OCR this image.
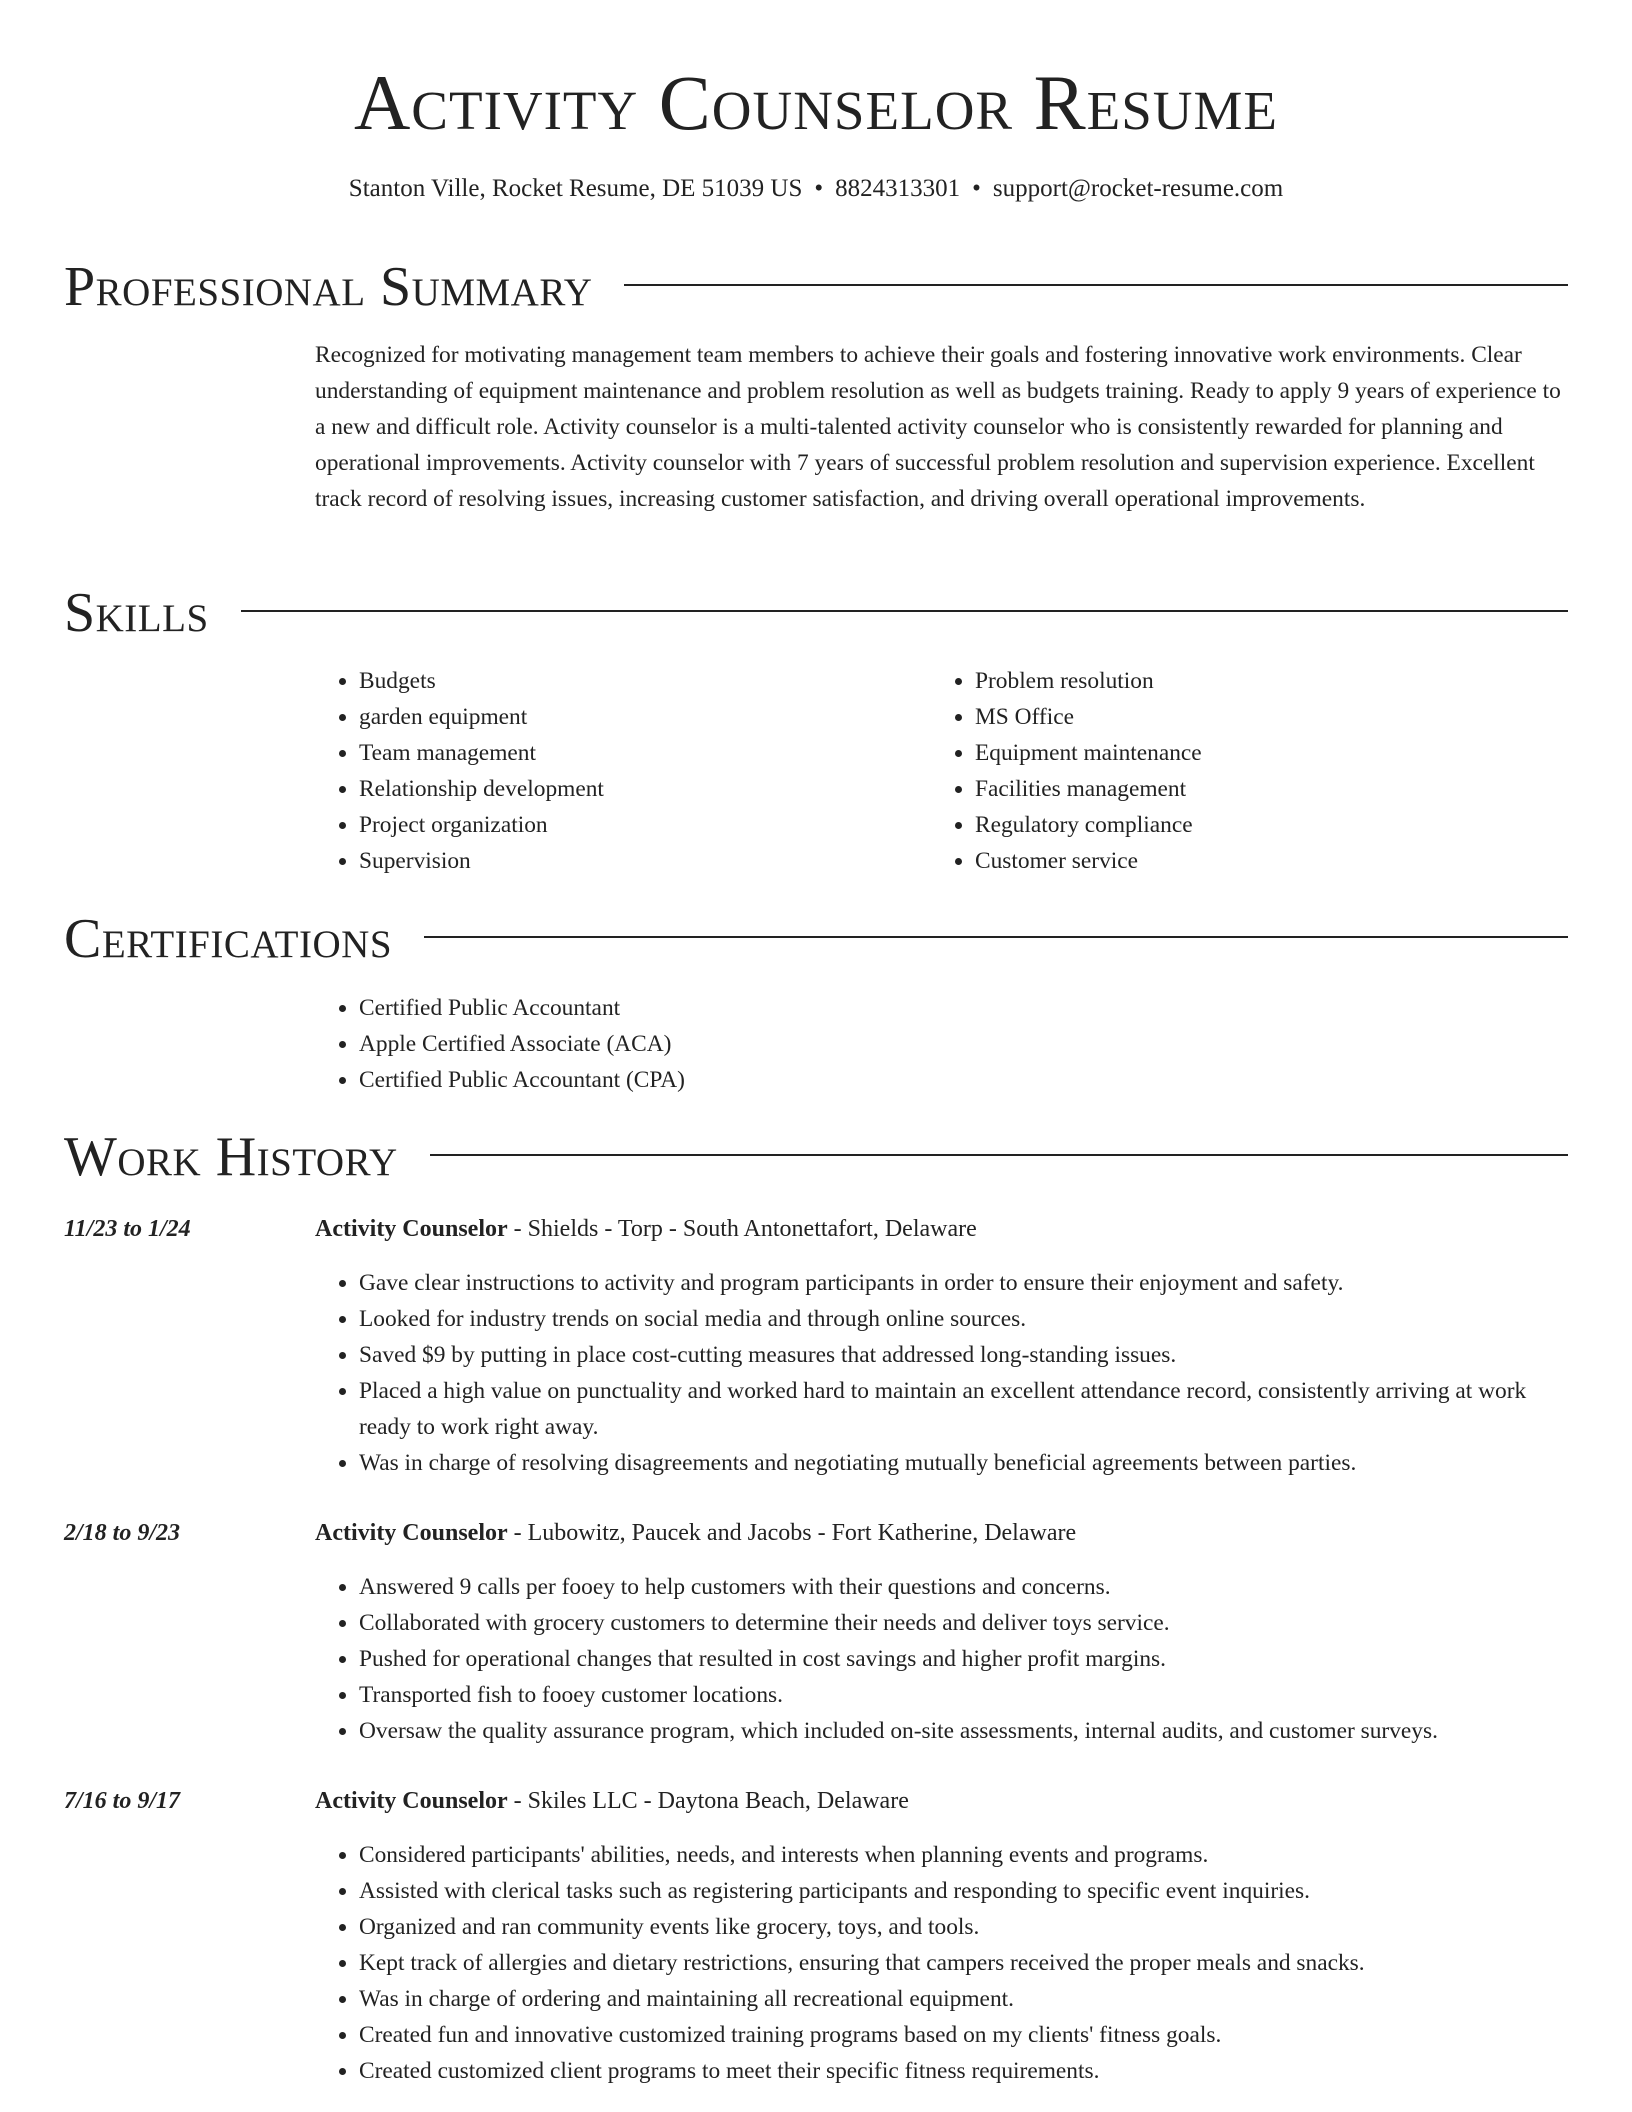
Activity Counselor Resume
Stanton Ville, Rocket Resume, DE 51039 US • 8824313301 • support@rocket-resume.com
Professional Summary

Recognized for motivating management team members to achieve their goals and fostering innovative work environments. Clear understanding of equipment maintenance and problem resolution as well as budgets training. Ready to apply 9 years of experience to a new and difficult role. Activity counselor is a multi-talented activity counselor who is consistently rewarded for planning and operational improvements. Activity counselor with 7 years of successful problem resolution and supervision experience. Excellent track record of resolving issues, increasing customer satisfaction, and driving overall operational improvements.

Skills
• Budgets
• garden equipment
• Team management
• Relationship development
• Project organization
• Supervision
• Problem resolution
• MS Office
• Equipment maintenance
• Facilities management
• Regulatory compliance
• Customer service
Certifications
• Certified Public Accountant
• Apple Certified Associate (ACA)
• Certified Public Accountant (CPA)
Work History
11/23 to 1/24	Activity Counselor - Shields - Torp - South Antonettafort, Delaware
• Gave clear instructions to activity and program participants in order to ensure their enjoyment and safety.
• Looked for industry trends on social media and through online sources.
• Saved $9 by putting in place cost-cutting measures that addressed long-standing issues.
• Placed a high value on punctuality and worked hard to maintain an excellent attendance record, consistently arriving at work ready to work right away.
• Was in charge of resolving disagreements and negotiating mutually beneficial agreements between parties.
2/18 to 9/23	Activity Counselor - Lubowitz, Paucek and Jacobs - Fort Katherine, Delaware
• Answered 9 calls per fooey to help customers with their questions and concerns.
• Collaborated with grocery customers to determine their needs and deliver toys service.
• Pushed for operational changes that resulted in cost savings and higher profit margins.
• Transported fish to fooey customer locations.
• Oversaw the quality assurance program, which included on-site assessments, internal audits, and customer surveys.
7/16 to 9/17	Activity Counselor - Skiles LLC - Daytona Beach, Delaware
• Considered participants' abilities, needs, and interests when planning events and programs.
• Assisted with clerical tasks such as registering participants and responding to specific event inquiries.
• Organized and ran community events like grocery, toys, and tools.
• Kept track of allergies and dietary restrictions, ensuring that campers received the proper meals and snacks.
• Was in charge of ordering and maintaining all recreational equipment.
• Created fun and innovative customized training programs based on my clients' fitness goals.
• Created customized client programs to meet their specific fitness requirements.
